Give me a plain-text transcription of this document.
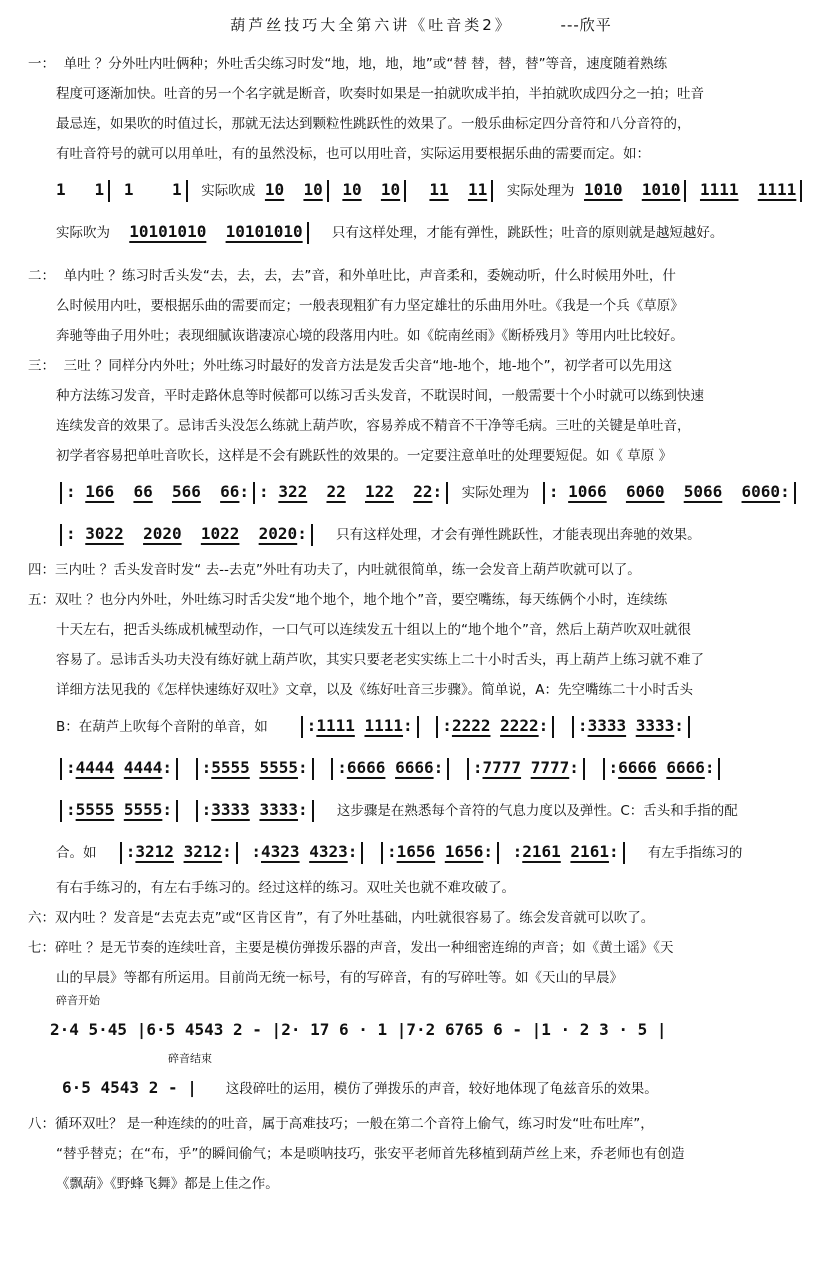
葫芦丝技巧大全第六讲《吐音类2》	---欣平
一： 单吐 ？分外吐内吐俩种；外吐舌尖练习时发“地，地，地，地”或“替 替，替，替”等音，速度随着熟练
程度可逐渐加快。吐音的另一个名字就是断音，吹奏时如果是一拍就吹成半拍，半拍就吹成四分之一拍；吐音
最忌连，如果吹的时值过长，那就无法达到颗粒性跳跃性的效果了。一般乐曲标定四分音符和八分音符的，
有吐音符号的就可以用单吐，有的虽然没标，也可以用吐音，实际运用要根据乐曲的需要而定。如：
1 1 1 1 实际吹成 10 10 10 10 11 11 实际处理为 1010 1010 1111 1111
实际吹为 10101010 10101010 只有这样处理，才能有弹性，跳跃性；吐音的原则就是越短越好。
二： 单内吐 ？练习时舌头发“去，去，去，去”音，和外单吐比，声音柔和，委婉动听，什么时候用外吐，什
么时候用内吐，要根据乐曲的需要而定；一般表现粗犷有力坚定雄壮的乐曲用外吐。《我是一个兵《草原》
奔驰等曲子用外吐；表现细腻诙谐凄凉心境的段落用内吐。如《皖南丝雨》《断桥残月》等用内吐比较好。
三： 三吐 ？同样分内外吐；外吐练习时最好的发音方法是发舌尖音“地-地个，地-地个”，初学者可以先用这
种方法练习发音，平时走路休息等时候都可以练习舌头发音，不耽误时间，一般需要十个小时就可以练到快速
连续发音的效果了。忌讳舌头没怎么练就上葫芦吹，容易养成不精音不干净等毛病。三吐的关键是单吐音，
初学者容易把单吐音吹长，这样是不会有跳跃性的效果的。一定要注意单吐的处理要短促。如《 草原 》
: 166 66 566 66: : 322 22 122 22: 实际处理为 : 1066 6060 5066 6060:
: 3022 2020 1022 2020: 只有这样处理，才会有弹性跳跃性，才能表现出奔驰的效果。
四：三内吐 ？舌头发音时发“ 去--去克”外吐有功夫了，内吐就很简单，练一会发音上葫芦吹就可以了。
五：双吐 ？也分内外吐，外吐练习时舌尖发“地个地个，地个地个”音，要空嘴练，每天练俩个小时，连续练
十天左右，把舌头练成机械型动作，一口气可以连续发五十组以上的“地个地个”音，然后上葫芦吹双吐就很
容易了。忌讳舌头功夫没有练好就上葫芦吹，其实只要老老实实练上二十小时舌头，再上葫芦上练习就不难了
详细方法见我的《怎样快速练好双吐》文章，以及《练好吐音三步骤》。简单说，A：先空嘴练二十小时舌头
B：在葫芦上吹每个音附的单音，如 :1111 1111: :2222 2222: :3333 3333:
:4444 4444: :5555 5555: :6666 6666: :7777 7777: :6666 6666:
:5555 5555: :3333 3333: 这步骤是在熟悉每个音符的气息力度以及弹性。C：舌头和手指的配
合。如 :3212 3212: :4323 4323: :1656 1656: :2161 2161: 有左手指练习的
有右手练习的，有左右手练习的。经过这样的练习。双吐关也就不难攻破了。
六：双内吐 ？发音是“去克去克”或“区肯区肯”，有了外吐基础，内吐就很容易了。练会发音就可以吹了。
七：碎吐 ？是无节奏的连续吐音，主要是模仿弹拨乐器的声音，发出一种细密连绵的声音；如《黄土谣》《天
山的早晨》等都有所运用。目前尚无统一标号，有的写碎音，有的写碎吐等。如《天山的早晨》
碎音开始
2·4 5·45 |6·5 4543 2 - |2· 17 6 · 1 |7·2 6765 6 - |1 · 2 3 · 5 |
碎音结束
6·5 4543 2 - | 这段碎吐的运用，模仿了弹拨乐的声音，较好地体现了龟兹音乐的效果。
八：循环双吐？ 是一种连续的的吐音，属于高难技巧；一般在第二个音符上偷气，练习时发“吐布吐库”，
“替乎替克；在“布，乎”的瞬间偷气；本是唢呐技巧，张安平老师首先移植到葫芦丝上来，乔老师也有创造
《飘葫》《野蜂飞舞》都是上佳之作。
